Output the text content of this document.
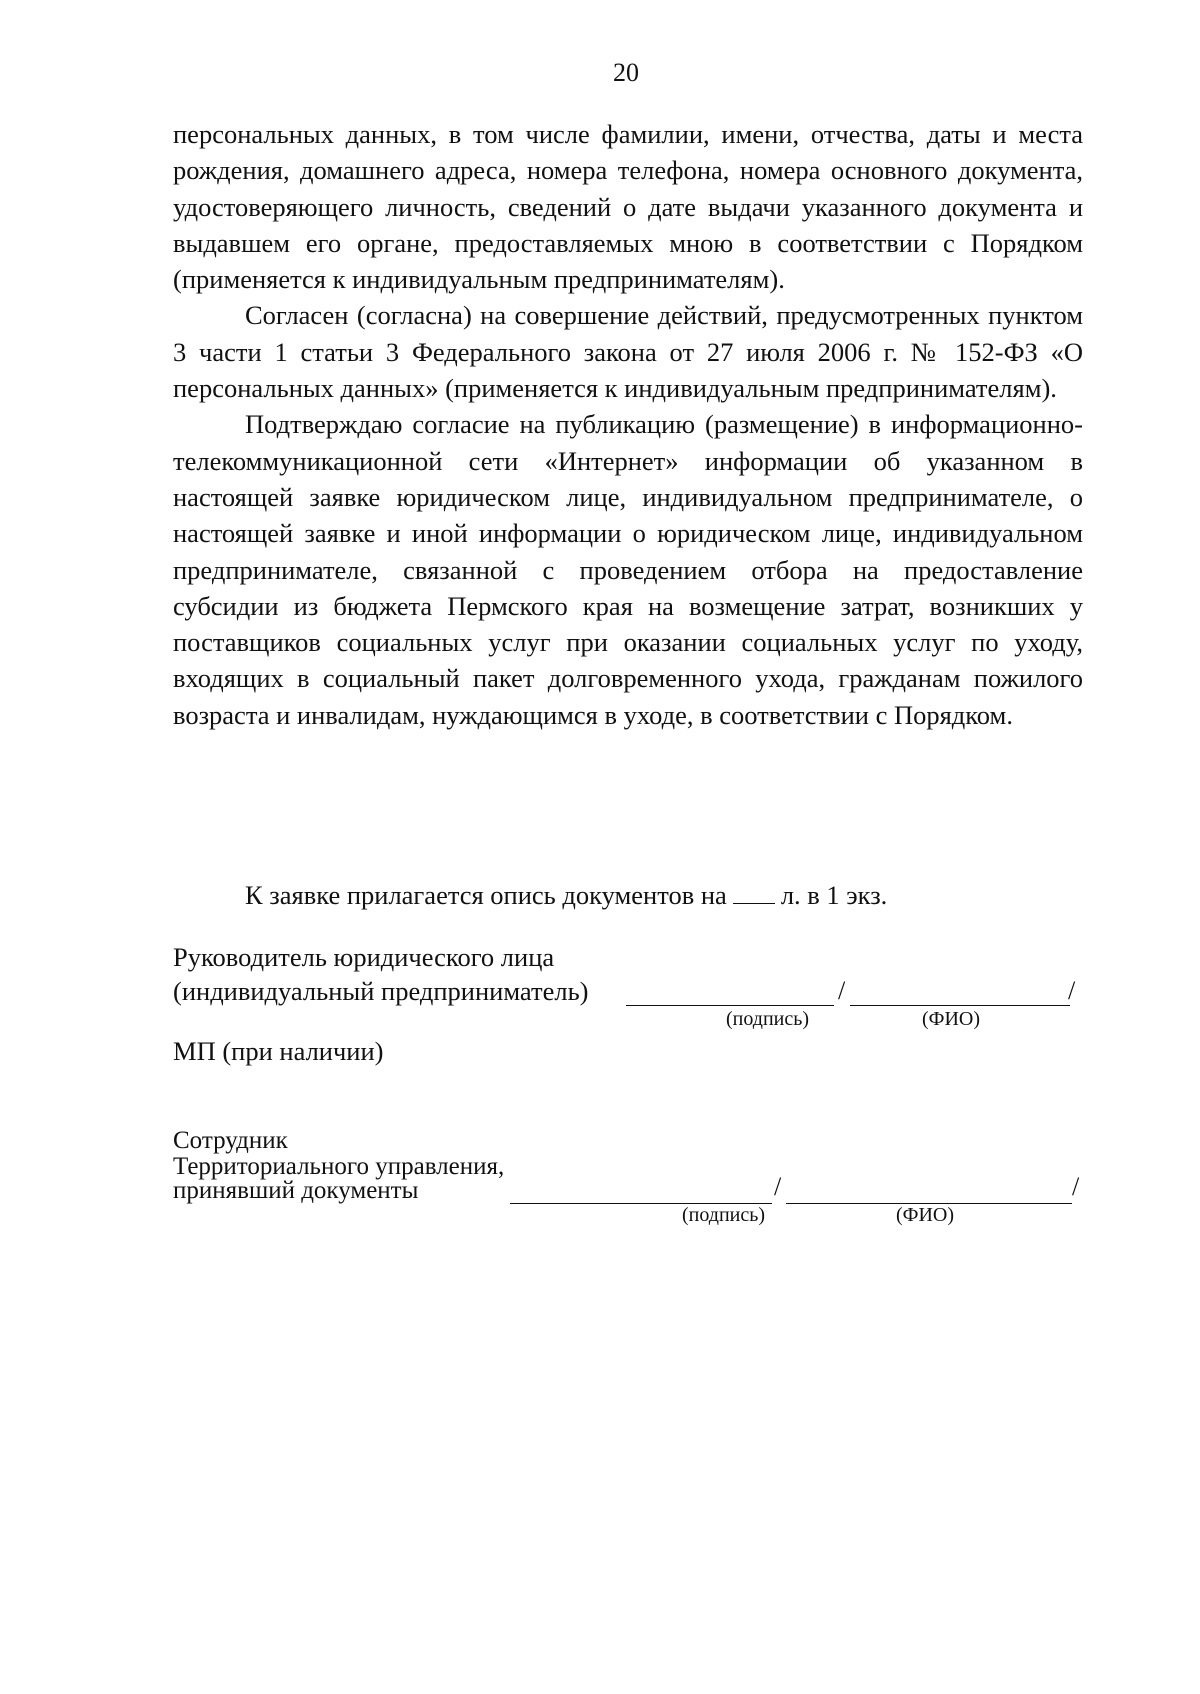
20

персональных данных, в том числе фамилии, имени, отчества, даты и места рождения, домашнего адреса, номера телефона, номера основного документа, удостоверяющего личность, сведений о дате выдачи указанного документа и выдавшем его органе, предоставляемых мною в соответствии с Порядком (применяется к индивидуальным предпринимателям).

Согласен (согласна) на совершение действий, предусмотренных пунктом 3 части 1 статьи 3 Федерального закона от 27 июля 2006 г. № 152-ФЗ «О персональных данных» (применяется к индивидуальным предпринимателям).

Подтверждаю согласие на публикацию (размещение) в информационно-телекоммуникационной сети «Интернет» информации об указанном в настоящей заявке юридическом лице, индивидуальном предпринимателе, о настоящей заявке и иной информации о юридическом лице, индивидуальном предпринимателе, связанной с проведением отбора на предоставление субсидии из бюджета Пермского края на возмещение затрат, возникших у поставщиков социальных услуг при оказании социальных услуг по уходу, входящих в социальный пакет долговременного ухода, гражданам пожилого возраста и инвалидам, нуждающимся в уходе, в соответствии с Порядком.

К заявке прилагается опись документов на л. в 1 экз.
Руководитель юридического лица
(индивидуальный предприниматель)	/	/
(подпись)	(ФИО)
МП (при наличии)
Сотрудник
Территориального управления,
принявший документы	/	/
(подпись)	(ФИО)
